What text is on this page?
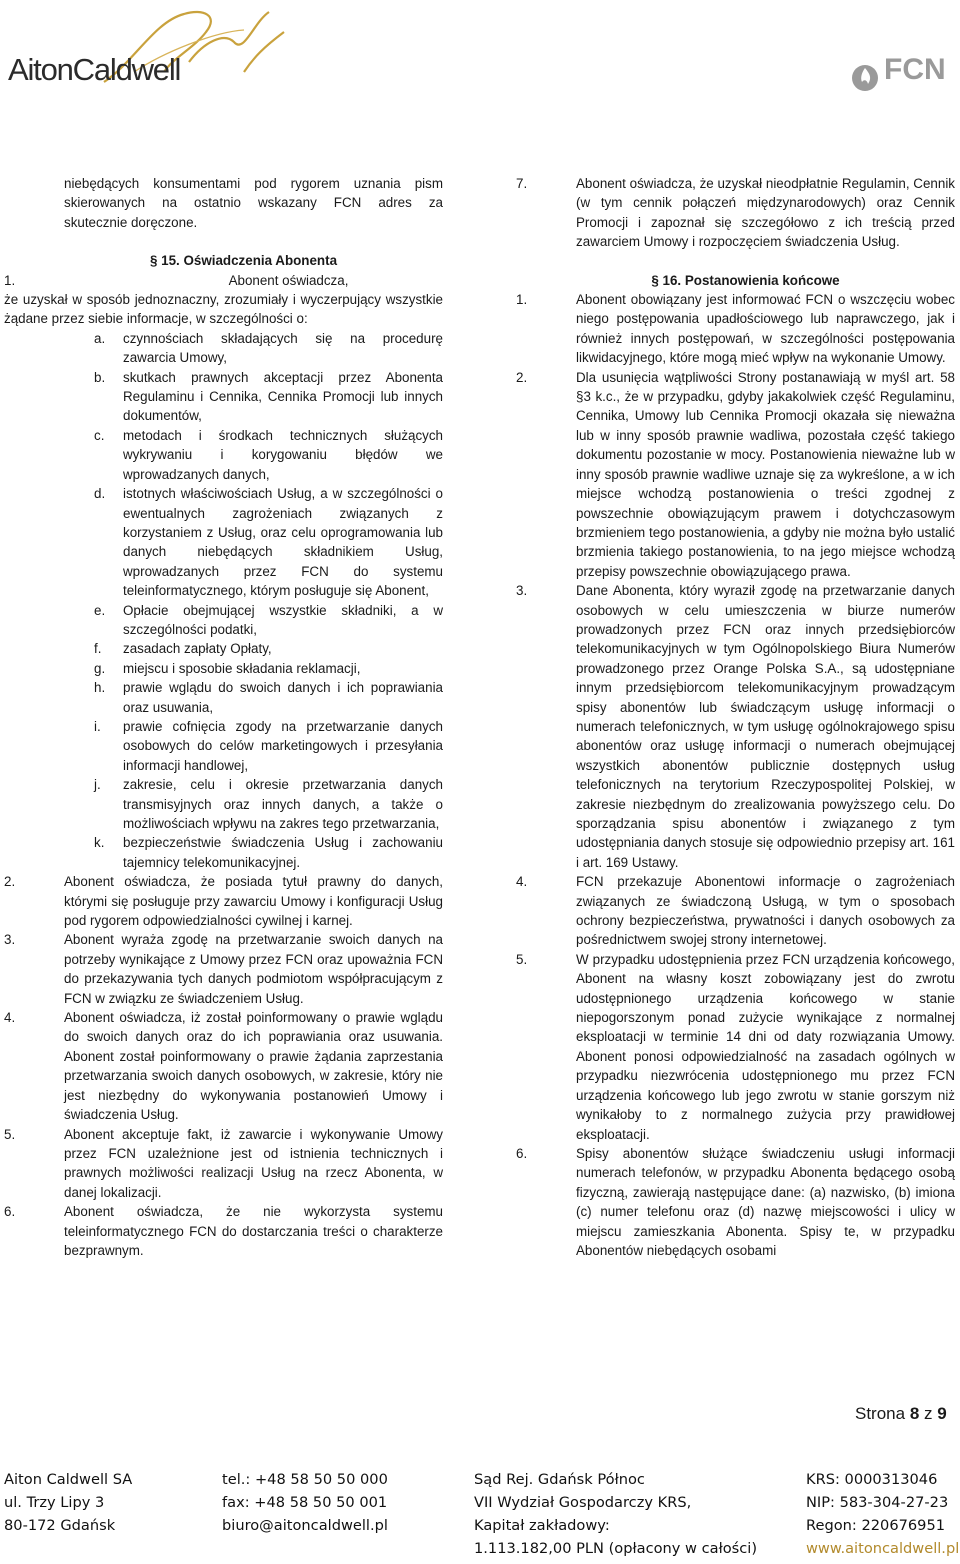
AitonCaldwell	FCN
niebędących konsumentami pod rygorem uznania pism
skierowanych na ostatnio wskazany FCN adres za
skutecznie doręczone.
§ 15. Oświadczenia Abonenta
1.	Abonent oświadcza,
że uzyskał w sposób jednoznaczny, zrozumiały i wyczerpujący wszystkie żądane przez siebie informacje, w szczególności o:
a.	czynnościach składających się na procedurę zawarcia Umowy,
b.	skutkach prawnych akceptacji przez Abonenta Regulaminu i Cennika, Cennika Promocji lub innych dokumentów,
c.	metodach i środkach technicznych służących wykrywaniu i korygowaniu błędów we wprowadzanych danych,
d.	istotnych właściwościach Usług, a w szczególności o ewentualnych zagrożeniach związanych z korzystaniem z Usług, oraz celu oprogramowania lub danych niebędących składnikiem Usług, wprowadzanych przez FCN do systemu teleinformatycznego, którym posługuje się Abonent,
e.	Opłacie obejmującej wszystkie składniki, a w szczególności podatki,
f.	zasadach zapłaty Opłaty,
g.	miejscu i sposobie składania reklamacji,
h.	prawie wglądu do swoich danych i ich poprawiania oraz usuwania,
i.	prawie cofnięcia zgody na przetwarzanie danych osobowych do celów marketingowych i przesyłania informacji handlowej,
j.	zakresie, celu i okresie przetwarzania danych transmisyjnych oraz innych danych, a także o możliwościach wpływu na zakres tego przetwarzania,
k.	bezpieczeństwie świadczenia Usług i zachowaniu tajemnicy telekomunikacyjnej.
2.	Abonent oświadcza, że posiada tytuł prawny do danych, którymi się posługuje przy zawarciu Umowy i konfiguracji Usług pod rygorem odpowiedzialności cywilnej i karnej.
3.	Abonent wyraża zgodę na przetwarzanie swoich danych na potrzeby wynikające z Umowy przez FCN oraz upoważnia FCN do przekazywania tych danych podmiotom współpracującym z FCN w związku ze świadczeniem Usług.
4.	Abonent oświadcza, iż został poinformowany o prawie wglądu do swoich danych oraz do ich poprawiania oraz usuwania. Abonent został poinformowany o prawie żądania zaprzestania przetwarzania swoich danych osobowych, w zakresie, który nie jest niezbędny do wykonywania postanowień Umowy i świadczenia Usług.
5.	Abonent akceptuje fakt, iż zawarcie i wykonywanie Umowy przez FCN uzależnione jest od istnienia technicznych i prawnych możliwości realizacji Usług na rzecz Abonenta, w danej lokalizacji.
6.	Abonent oświadcza, że nie wykorzysta systemu teleinformatycznego FCN do dostarczania treści o charakterze bezprawnym.
7.	Abonent oświadcza, że uzyskał nieodpłatnie Regulamin, Cennik (w tym cennik połączeń międzynarodowych) oraz Cennik Promocji i zapoznał się szczegółowo z ich treścią przed zawarciem Umowy i rozpoczęciem świadczenia Usług.
§ 16. Postanowienia końcowe
1.	Abonent obowiązany jest informować FCN o wszczęciu wobec niego postępowania upadłościowego lub naprawczego, jak i również innych postępowań, w szczególności postępowania likwidacyjnego, które mogą mieć wpływ na wykonanie Umowy.
2.	Dla usunięcia wątpliwości Strony postanawiają w myśl art. 58 §3 k.c., że w przypadku, gdyby jakakolwiek część Regulaminu, Cennika, Umowy lub Cennika Promocji okazała się nieważna lub w inny sposób prawnie wadliwa, pozostała część takiego dokumentu pozostanie w mocy. Postanowienia nieważne lub w inny sposób prawnie wadliwe uznaje się za wykreślone, a w ich miejsce wchodzą postanowienia o treści zgodnej z powszechnie obowiązującym prawem i dotychczasowym brzmieniem tego postanowienia, a gdyby nie można było ustalić brzmienia takiego postanowienia, to na jego miejsce wchodzą przepisy powszechnie obowiązującego prawa.
3.	Dane Abonenta, który wyraził zgodę na przetwarzanie danych osobowych w celu umieszczenia w biurze numerów prowadzonych przez FCN oraz innych przedsiębiorców telekomunikacyjnych w tym Ogólnopolskiego Biura Numerów prowadzonego przez Orange Polska S.A., są udostępniane innym przedsiębiorcom telekomunikacyjnym prowadzącym spisy abonentów lub świadczącym usługę informacji o numerach telefonicznych, w tym usługę ogólnokrajowego spisu abonentów oraz usługę informacji o numerach obejmującej wszystkich abonentów publicznie dostępnych usług telefonicznych na terytorium Rzeczypospolitej Polskiej, w zakresie niezbędnym do zrealizowania powyższego celu. Do sporządzania spisu abonentów i związanego z tym udostępniania danych stosuje się odpowiednio przepisy art. 161 i art. 169 Ustawy.
4.	FCN przekazuje Abonentowi informacje o zagrożeniach związanych ze świadczoną Usługą, w tym o sposobach ochrony bezpieczeństwa, prywatności i danych osobowych za pośrednictwem swojej strony internetowej.
5.	W przypadku udostępnienia przez FCN urządzenia końcowego, Abonent na własny koszt zobowiązany jest do zwrotu udostępnionego urządzenia końcowego w stanie niepogorszonym ponad zużycie wynikające z normalnej eksploatacji w terminie 14 dni od daty rozwiązania Umowy. Abonent ponosi odpowiedzialność na zasadach ogólnych w przypadku niezwrócenia udostępnionego mu przez FCN urządzenia końcowego lub jego zwrotu w stanie gorszym niż wynikałoby to z normalnego zużycia przy prawidłowej eksploatacji.
6.	Spisy abonentów służące świadczeniu usługi informacji numerach telefonów, w przypadku Abonenta będącego osobą fizyczną, zawierają następujące dane: (a) nazwisko, (b) imiona (c) numer telefonu oraz (d) nazwę miejscowości i ulicy w miejscu zamieszkania Abonenta. Spisy te, w przypadku Abonentów niebędących osobami
Strona 8 z 9
Aiton Caldwell SA
ul. Trzy Lipy 3
80-172 Gdańsk
tel.: +48 58 50 50 000
fax: +48 58 50 50 001
biuro@aitoncaldwell.pl
Sąd Rej. Gdańsk Północ
VII Wydział Gospodarczy KRS,
Kapitał zakładowy:
1.113.182,00 PLN (opłacony w całości)
KRS: 0000313046
NIP: 583-304-27-23
Regon: 220676951
www.aitoncaldwell.pl
